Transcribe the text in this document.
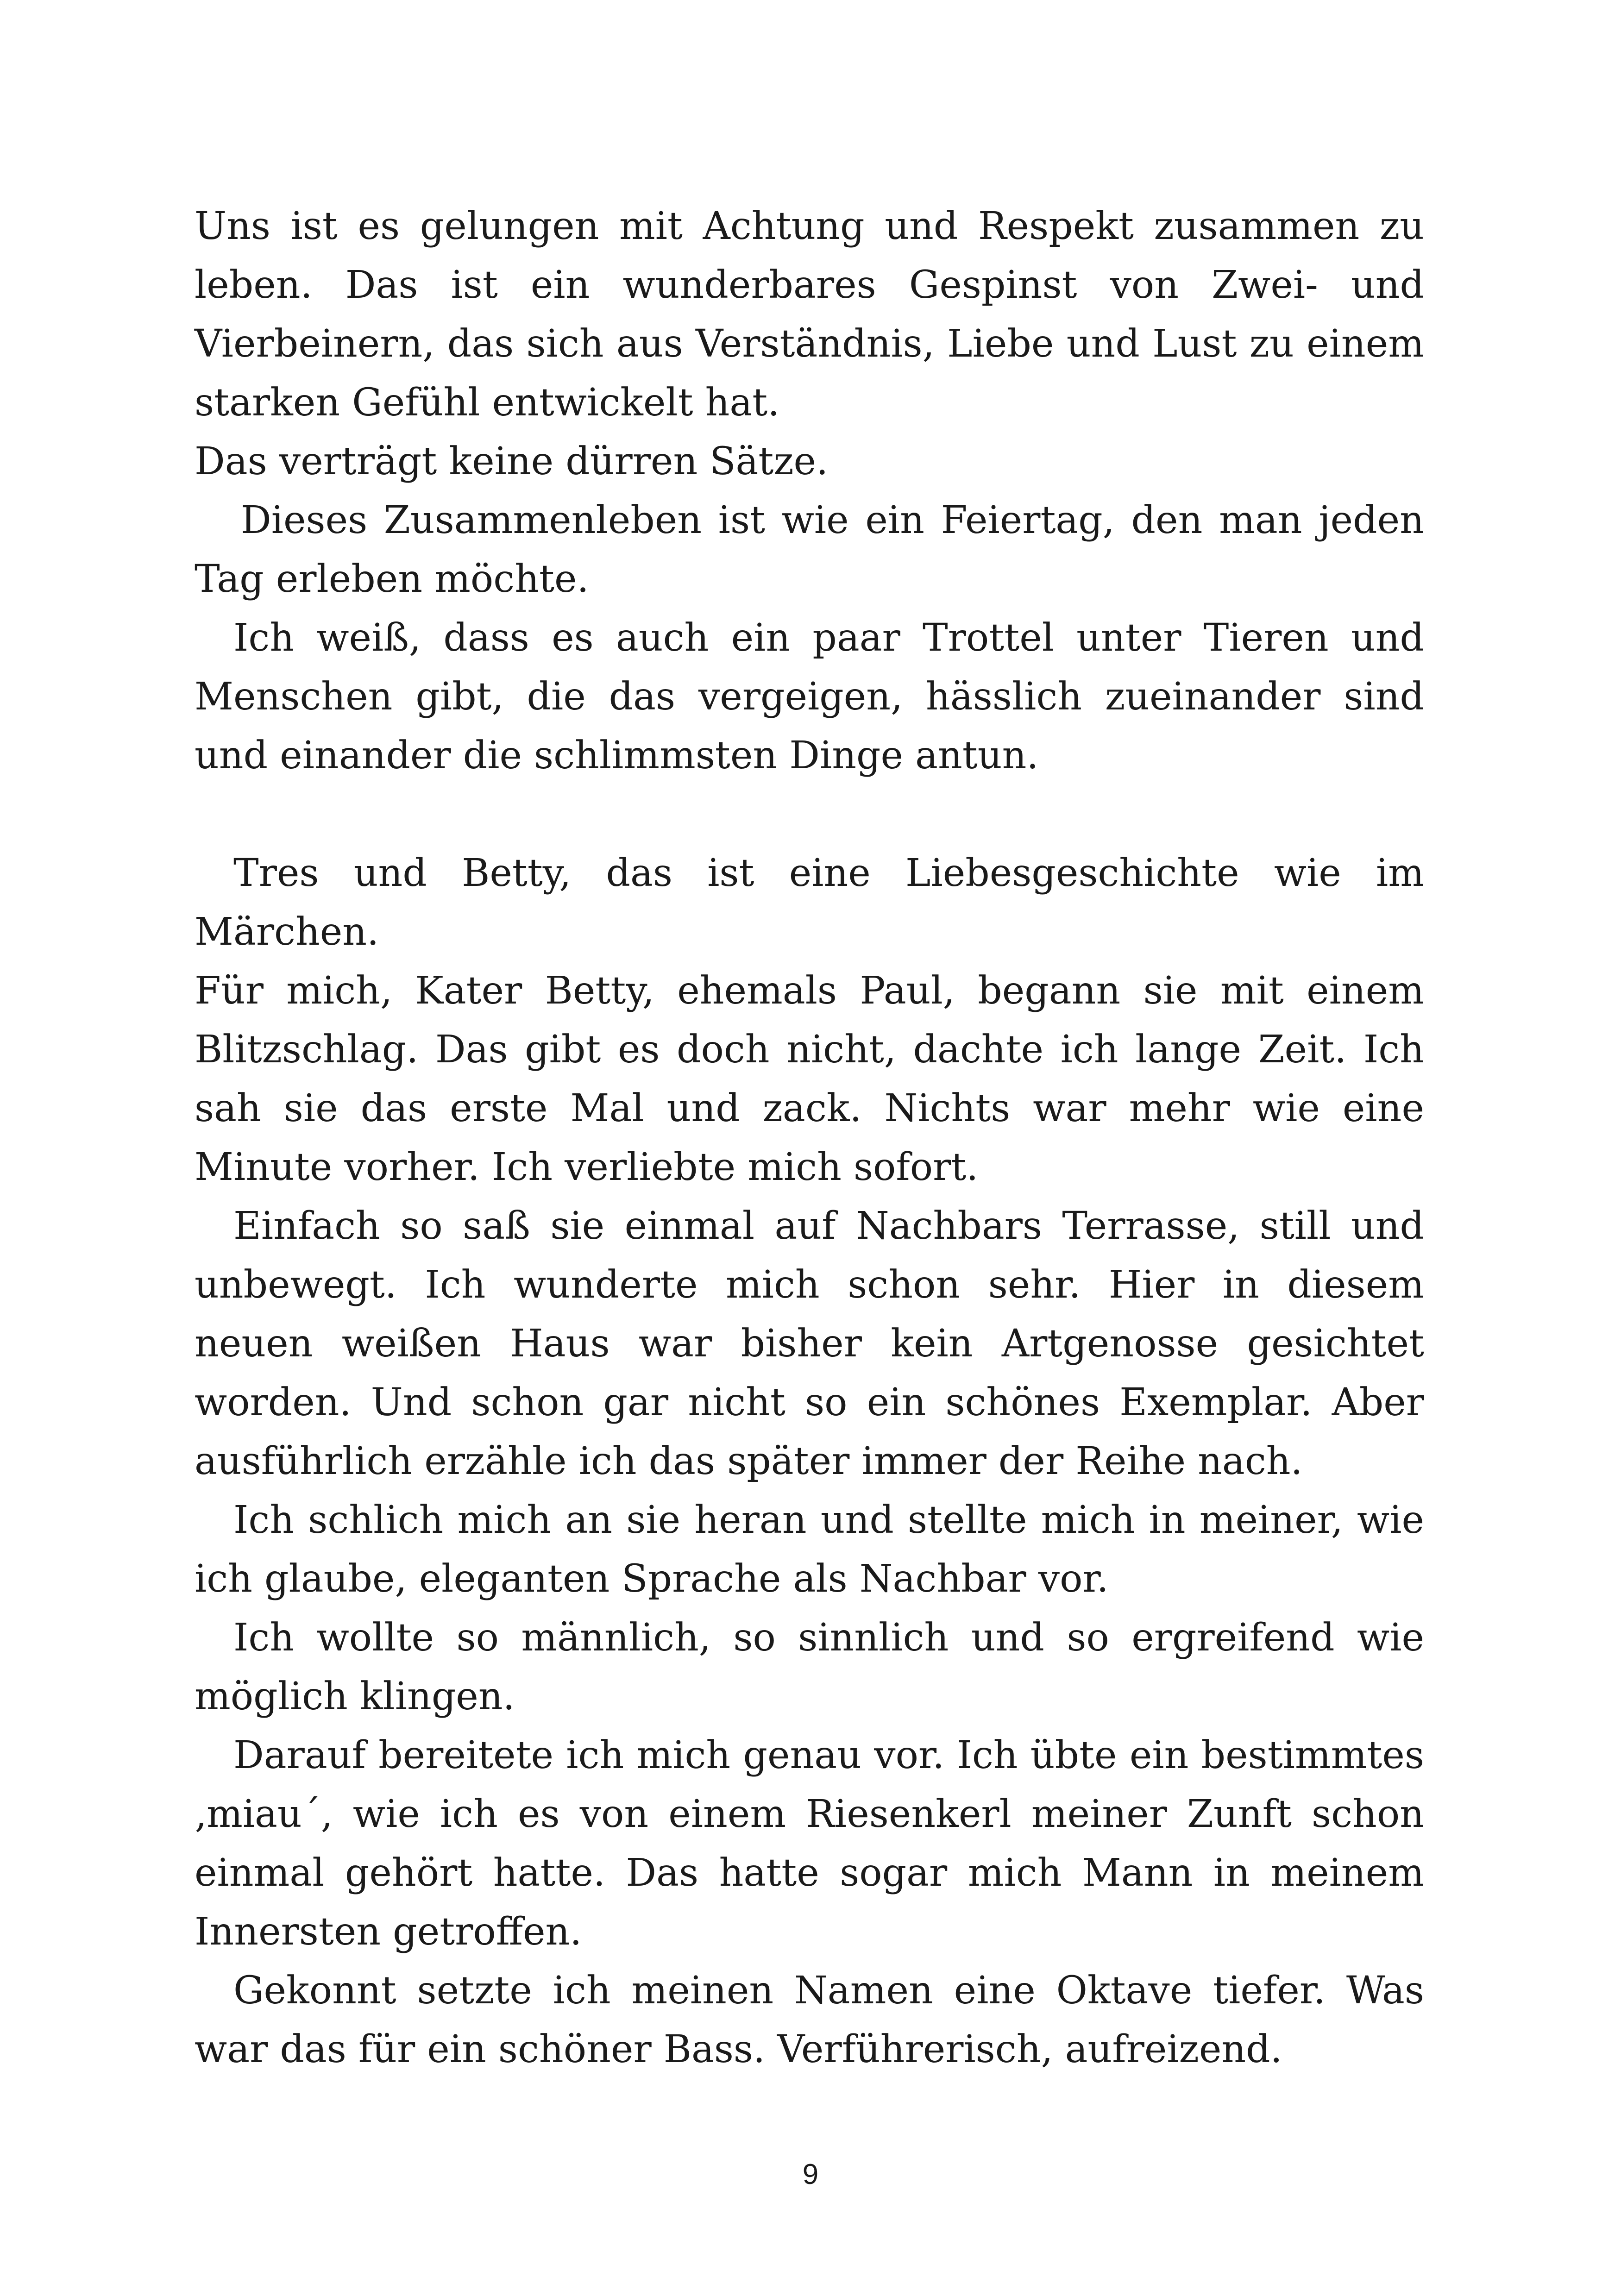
Uns ist es gelungen mit Achtung und Respekt zusammen zu leben. Das ist ein wunderbares Gespinst von Zwei- und Vierbeinern, das sich aus Verständnis, Liebe und Lust zu einem starken Gefühl entwickelt hat.

Das verträgt keine dürren Sätze.

Dieses Zusammenleben ist wie ein Feiertag, den man jeden Tag erleben möchte.

Ich weiß, dass es auch ein paar Trottel unter Tieren und Menschen gibt, die das vergeigen, hässlich zueinander sind und einander die schlimmsten Dinge antun.

Tres und Betty, das ist eine Liebesgeschichte wie im Märchen.

Für mich, Kater Betty, ehemals Paul, begann sie mit einem Blitzschlag. Das gibt es doch nicht, dachte ich lange Zeit. Ich sah sie das erste Mal und zack. Nichts war mehr wie eine Minute vorher. Ich verliebte mich sofort.

Einfach so saß sie einmal auf Nachbars Terrasse, still und unbewegt. Ich wunderte mich schon sehr. Hier in diesem neuen weißen Haus war bisher kein Artgenosse gesichtet worden. Und schon gar nicht so ein schönes Exemplar. Aber ausführlich erzähle ich das später immer der Reihe nach.

Ich schlich mich an sie heran und stellte mich in meiner, wie ich glaube, eleganten Sprache als Nachbar vor.

Ich wollte so männlich, so sinnlich und so ergreifend wie möglich klingen.

Darauf bereitete ich mich genau vor. Ich übte ein bestimmtes ‚miau´, wie ich es von einem Riesenkerl meiner Zunft schon einmal gehört hatte. Das hatte sogar mich Mann in meinem Innersten getroffen.

Gekonnt setzte ich meinen Namen eine Oktave tiefer. Was war das für ein schöner Bass. Verführerisch, aufreizend.

9
